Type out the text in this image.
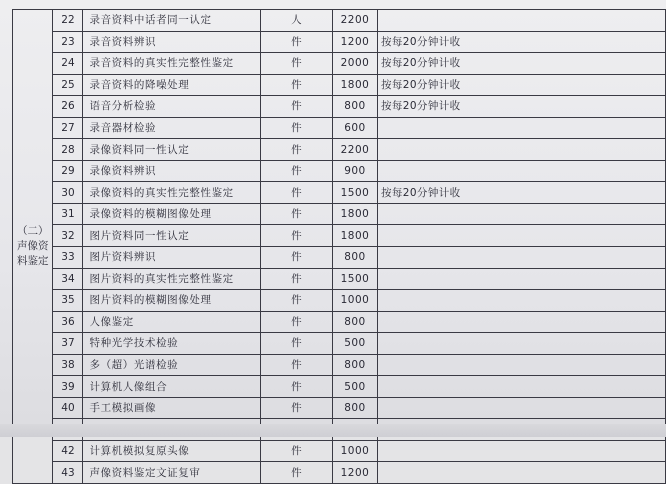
（二）声像资料鉴定	22	录音资料中话者同一认定	人	2200	
	23	录音资料辨识	件	1200	按每20分钟计收
	24	录音资料的真实性完整性鉴定	件	2000	按每20分钟计收
	25	录音资料的降噪处理	件	1800	按每20分钟计收
	26	语音分析检验	件	800	按每20分钟计收
	27	录音器材检验	件	600	
	28	录像资料同一性认定	件	2200	
	29	录像资料辨识	件	900	
	30	录像资料的真实性完整性鉴定	件	1500	按每20分钟计收
	31	录像资料的模糊图像处理	件	1800	
	32	图片资料同一性认定	件	1800	
	33	图片资料辨识	件	800	
	34	图片资料的真实性完整性鉴定	件	1500	
	35	图片资料的模糊图像处理	件	1000	
	36	人像鉴定	件	800	
	37	特种光学技术检验	件	500	
	38	多（超）光谱检验	件	800	
	39	计算机人像组合	件	500	
	40	手工模拟画像	件	800	

	42	计算机模拟复原头像	件	1000	
	43	声像资料鉴定文证复审	件	1200	
